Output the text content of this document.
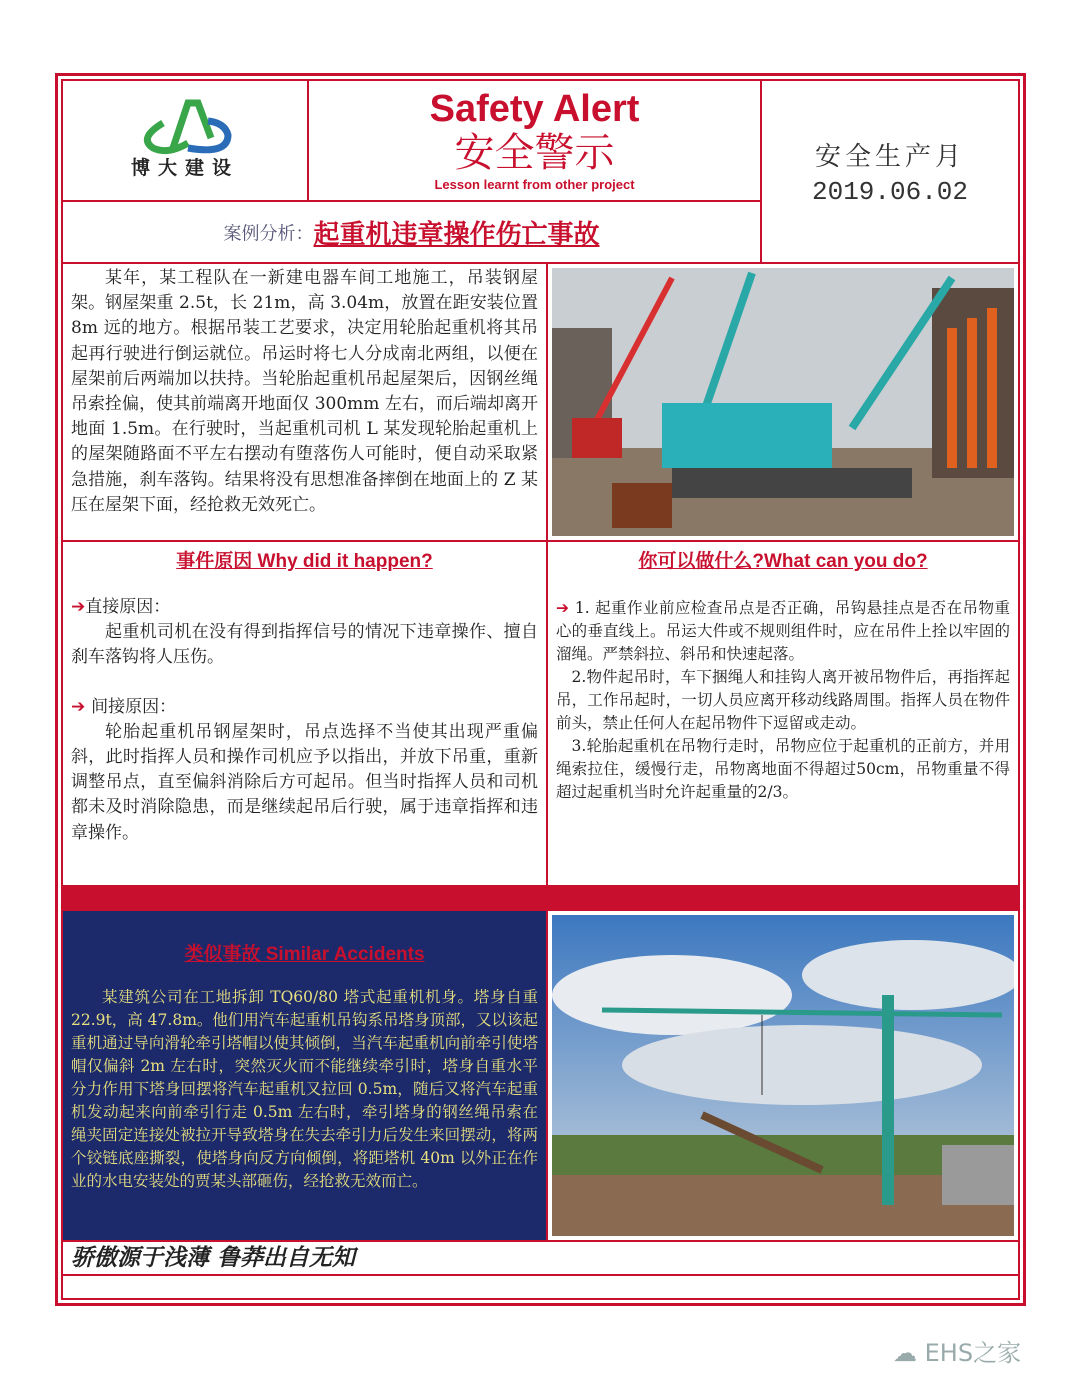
博大建设
Safety Alert
安全警示
Lesson learnt from other project
安全生产月
2019.06.02
案例分析：起重机违章操作伤亡事故
某年，某工程队在一新建电器车间工地施工，吊装钢屋架。钢屋架重 2.5t，长 21m，高 3.04m，放置在距安装位置 8m 远的地方。根据吊装工艺要求，决定用轮胎起重机将其吊起再行驶进行倒运就位。吊运时将七人分成南北两组，以便在屋架前后两端加以扶持。当轮胎起重机吊起屋架后，因钢丝绳吊索拴偏，使其前端离开地面仅 300mm 左右，而后端却离开地面 1.5m。在行驶时，当起重机司机 L 某发现轮胎起重机上的屋架随路面不平左右摆动有堕落伤人可能时，便自动采取紧急措施，刹车落钩。结果将没有思想准备摔倒在地面上的 Z 某压在屋架下面，经抢救无效死亡。
事件原因 Why did it happen?
➔直接原因：
起重机司机在没有得到指挥信号的情况下违章操作、擅自刹车落钩将人压伤。
➔ 间接原因：
轮胎起重机吊钢屋架时，吊点选择不当使其出现严重偏斜，此时指挥人员和操作司机应予以指出，并放下吊重，重新调整吊点，直至偏斜消除后方可起吊。但当时指挥人员和司机都未及时消除隐患，而是继续起吊后行驶，属于违章指挥和违章操作。
你可以做什么?What can you do?
➔ 1. 起重作业前应检查吊点是否正确，吊钩悬挂点是否在吊物重心的垂直线上。吊运大件或不规则组件时，应在吊件上拴以牢固的溜绳。严禁斜拉、斜吊和快速起落。
2.物件起吊时，车下捆绳人和挂钩人离开被吊物件后，再指挥起吊，工作吊起时，一切人员应离开移动线路周围。指挥人员在物件前头，禁止任何人在起吊物件下逗留或走动。
3.轮胎起重机在吊物行走时，吊物应位于起重机的正前方，并用绳索拉住，缓慢行走，吊物离地面不得超过50cm，吊物重量不得超过起重机当时允许起重量的2/3。
类似事故 Similar Accidents
某建筑公司在工地拆卸 TQ60/80 塔式起重机机身。塔身自重 22.9t，高 47.8m。他们用汽车起重机吊钩系吊塔身顶部，又以该起重机通过导向滑轮牵引塔帽以使其倾倒，当汽车起重机向前牵引使塔帽仅偏斜 2m 左右时，突然灭火而不能继续牵引时，塔身自重水平分力作用下塔身回摆将汽车起重机又拉回 0.5m，随后又将汽车起重机发动起来向前牵引行走 0.5m 左右时，牵引塔身的钢丝绳吊索在绳夹固定连接处被拉开导致塔身在失去牵引力后发生来回摆动，将两个铰链底座撕裂，使塔身向反方向倾倒，将距塔机 40m 以外正在作业的水电安装处的贾某头部砸伤，经抢救无效而亡。
骄傲源于浅薄 鲁莽出自无知
☁ EHS之家
